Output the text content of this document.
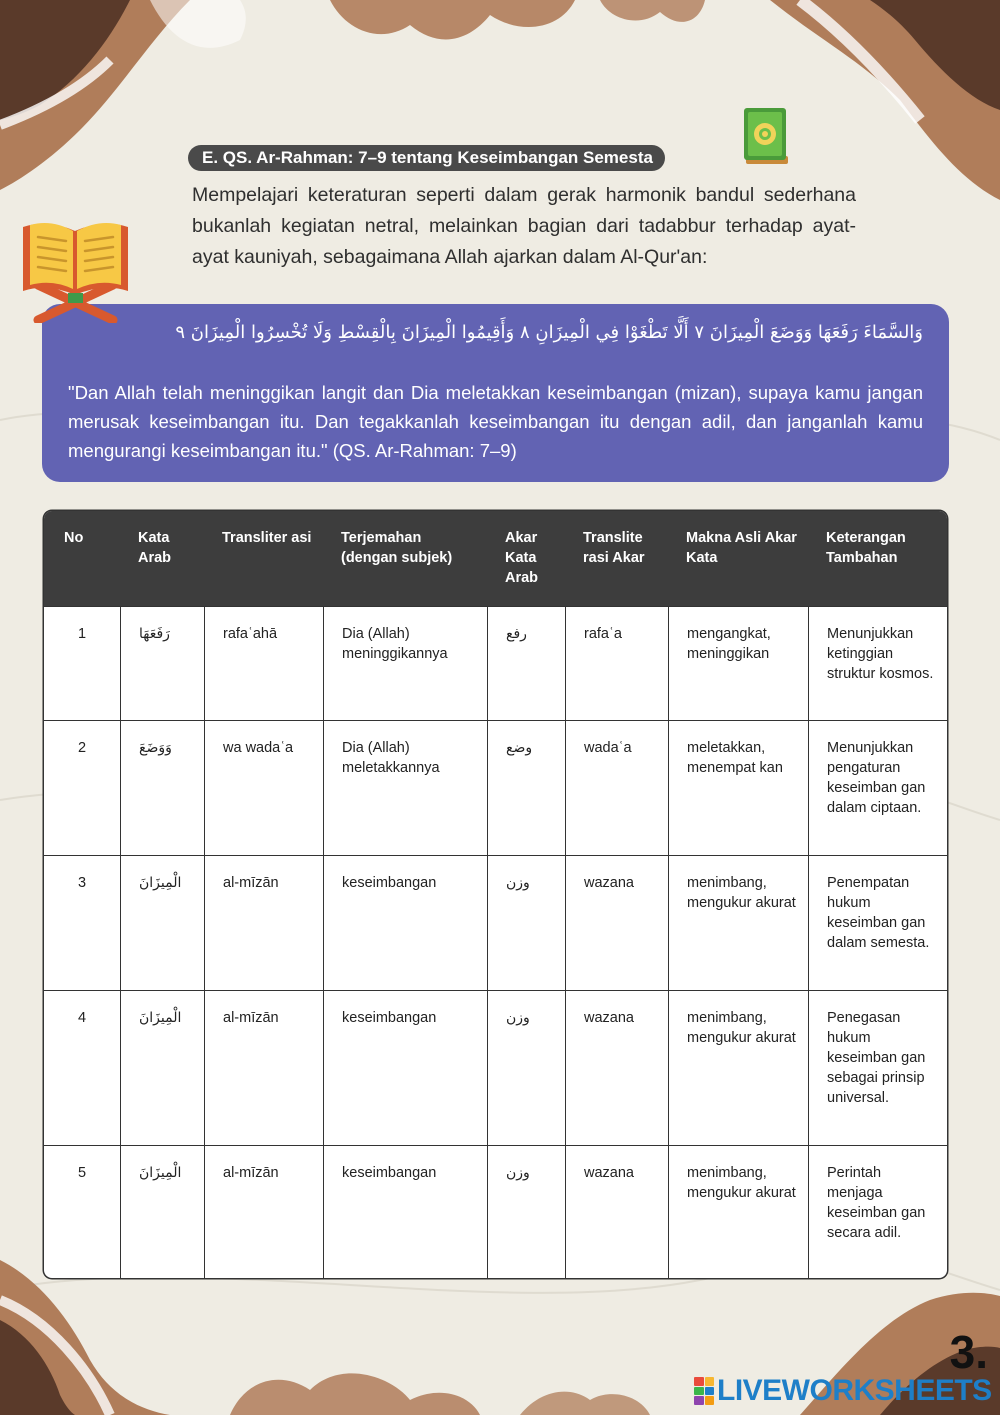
E. QS. Ar-Rahman: 7–9 tentang Keseimbangan Semesta
Mempelajari keteraturan seperti dalam gerak harmonik bandul sederhana bukanlah kegiatan netral, melainkan bagian dari tadabbur terhadap ayat-ayat kauniyah, sebagaimana Allah ajarkan dalam Al-Qur'an:
وَالسَّمَاءَ رَفَعَهَا وَوَضَعَ الْمِيزَانَ ٧ أَلَّا تَطْغَوْا فِي الْمِيزَانِ ٨ وَأَقِيمُوا الْمِيزَانَ بِالْقِسْطِ وَلَا تُخْسِرُوا الْمِيزَانَ ٩
"Dan Allah telah meninggikan langit dan Dia meletakkan keseimbangan (mizan), supaya kamu jangan merusak keseimbangan itu. Dan tegakkanlah keseimbangan itu dengan adil, dan janganlah kamu mengurangi keseimbangan itu." (QS. Ar-Rahman: 7–9)
No	Kata Arab	Transliter asi	Terjemahan (dengan subjek)	Akar Kata Arab	Translite rasi Akar	Makna Asli Akar Kata	Keterangan Tambahan
1	رَفَعَهَا	rafaʿahā	Dia (Allah) meninggikannya	رفع	rafaʿa	mengangkat, meninggikan	Menunjukkan ketinggian struktur kosmos.
2	وَوَضَعَ	wa wadaʿa	Dia (Allah) meletakkannya	وضع	wadaʿa	meletakkan, menempat kan	Menunjukkan pengaturan keseimban gan dalam ciptaan.
3	الْمِيزَانَ	al-mīzān	keseimbangan	وزن	wazana	menimbang, mengukur akurat	Penempatan hukum keseimban gan dalam semesta.
4	الْمِيزَانَ	al-mīzān	keseimbangan	وزن	wazana	menimbang, mengukur akurat	Penegasan hukum keseimban gan sebagai prinsip universal.
5	الْمِيزَانَ	al-mīzān	keseimbangan	وزن	wazana	menimbang, mengukur akurat	Perintah menjaga keseimban gan secara adil.
3.
LIVEWORKSHEETS
